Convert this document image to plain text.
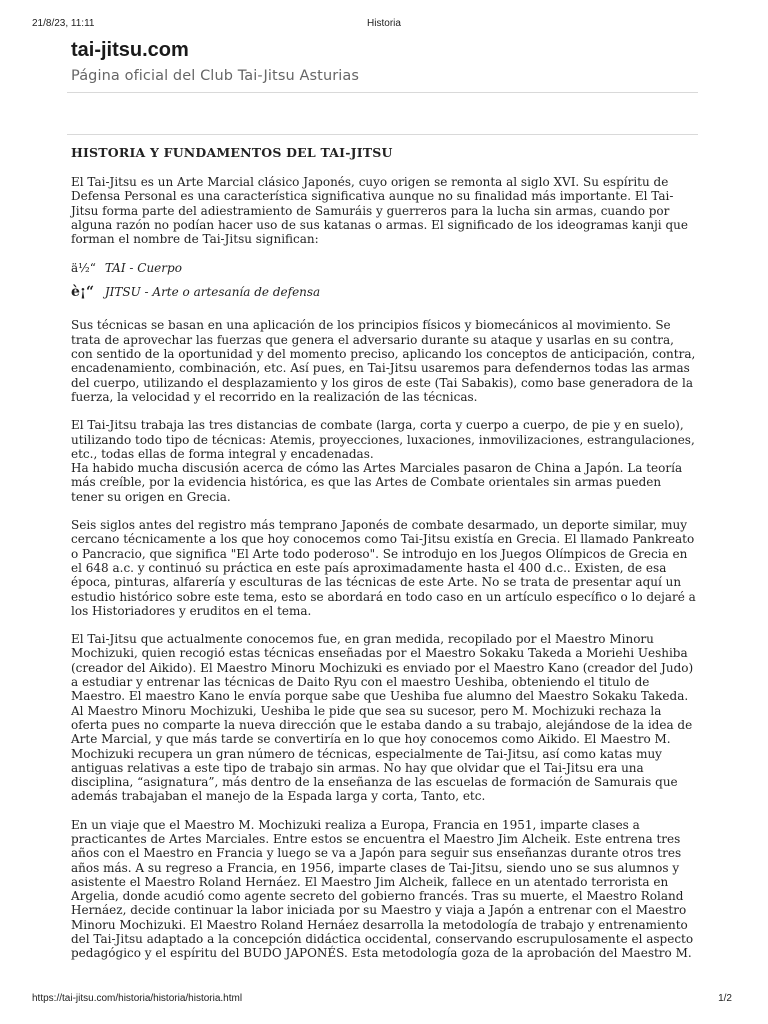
21/8/23, 11:11	Historia
tai-jitsu.com
Página oficial del Club Tai-Jitsu Asturias
HISTORIA Y FUNDAMENTOS DEL TAI-JITSU

El Tai-Jitsu es un Arte Marcial clásico Japonés, cuyo origen se remonta al siglo XVI. Su espíritu de Defensa Personal es una característica significativa aunque no su finalidad más importante. El Tai-Jitsu forma parte del adiestramiento de Samuráis y guerreros para la lucha sin armas, cuando por alguna razón no podían hacer uso de sus katanas o armas. El significado de los ideogramas kanji que forman el nombre de Tai-Jitsu significan:

ä½“ TAI - Cuerpo
è¡“ JITSU - Arte o artesanía de defensa

Sus técnicas se basan en una aplicación de los principios físicos y biomecánicos al movimiento. Se trata de aprovechar las fuerzas que genera el adversario durante su ataque y usarlas en su contra, con sentido de la oportunidad y del momento preciso, aplicando los conceptos de anticipación, contra, encadenamiento, combinación, etc. Así pues, en Tai-Jitsu usaremos para defendernos todas las armas del cuerpo, utilizando el desplazamiento y los giros de este (Tai Sabakis), como base generadora de la fuerza, la velocidad y el recorrido en la realización de las técnicas.

El Tai-Jitsu trabaja las tres distancias de combate (larga, corta y cuerpo a cuerpo, de pie y en suelo), utilizando todo tipo de técnicas: Atemis, proyecciones, luxaciones, inmovilizaciones, estrangulaciones, etc., todas ellas de forma integral y encadenadas.

Ha habido mucha discusión acerca de cómo las Artes Marciales pasaron de China a Japón. La teoría más creíble, por la evidencia histórica, es que las Artes de Combate orientales sin armas pueden tener su origen en Grecia.

Seis siglos antes del registro más temprano Japonés de combate desarmado, un deporte similar, muy cercano técnicamente a los que hoy conocemos como Tai-Jitsu existía en Grecia. El llamado Pankreato o Pancracio, que significa "El Arte todo poderoso". Se introdujo en los Juegos Olímpicos de Grecia en el 648 a.c. y continuó su práctica en este país aproximadamente hasta el 400 d.c.. Existen, de esa época, pinturas, alfarería y esculturas de las técnicas de este Arte. No se trata de presentar aquí un estudio histórico sobre este tema, esto se abordará en todo caso en un artículo específico o lo dejaré a los Historiadores y eruditos en el tema.

El Tai-Jitsu que actualmente conocemos fue, en gran medida, recopilado por el Maestro Minoru Mochizuki, quien recogió estas técnicas enseñadas por el Maestro Sokaku Takeda a Moriehi Ueshiba (creador del Aikido). El Maestro Minoru Mochizuki es enviado por el Maestro Kano (creador del Judo) a estudiar y entrenar las técnicas de Daito Ryu con el maestro Ueshiba, obteniendo el titulo de Maestro. El maestro Kano le envía porque sabe que Ueshiba fue alumno del Maestro Sokaku Takeda. Al Maestro Minoru Mochizuki, Ueshiba le pide que sea su sucesor, pero M. Mochizuki rechaza la oferta pues no comparte la nueva dirección que le estaba dando a su trabajo, alejándose de la idea de Arte Marcial, y que más tarde se convertiría en lo que hoy conocemos como Aikido. El Maestro M. Mochizuki recupera un gran número de técnicas, especialmente de Tai-Jitsu, así como katas muy antiguas relativas a este tipo de trabajo sin armas. No hay que olvidar que el Tai-Jitsu era una disciplina, “asignatura”, más dentro de la enseñanza de las escuelas de formación de Samurais que además trabajaban el manejo de la Espada larga y corta, Tanto, etc.

En un viaje que el Maestro M. Mochizuki realiza a Europa, Francia en 1951, imparte clases a practicantes de Artes Marciales. Entre estos se encuentra el Maestro Jim Alcheik. Este entrena tres años con el Maestro en Francia y luego se va a Japón para seguir sus enseñanzas durante otros tres años más. A su regreso a Francia, en 1956, imparte clases de Tai-Jitsu, siendo uno se sus alumnos y asistente el Maestro Roland Hernáez. El Maestro Jim Alcheik, fallece en un atentado terrorista en Argelia, donde acudió como agente secreto del gobierno francés. Tras su muerte, el Maestro Roland Hernáez, decide continuar la labor iniciada por su Maestro y viaja a Japón a entrenar con el Maestro Minoru Mochizuki. El Maestro Roland Hernáez desarrolla la metodología de trabajo y entrenamiento del Tai-Jitsu adaptado a la concepción didáctica occidental, conservando escrupulosamente el aspecto pedagógico y el espíritu del BUDO JAPONÉS. Esta metodología goza de la aprobación del Maestro M.

https://tai-jitsu.com/historia/historia/historia.html	1/2
